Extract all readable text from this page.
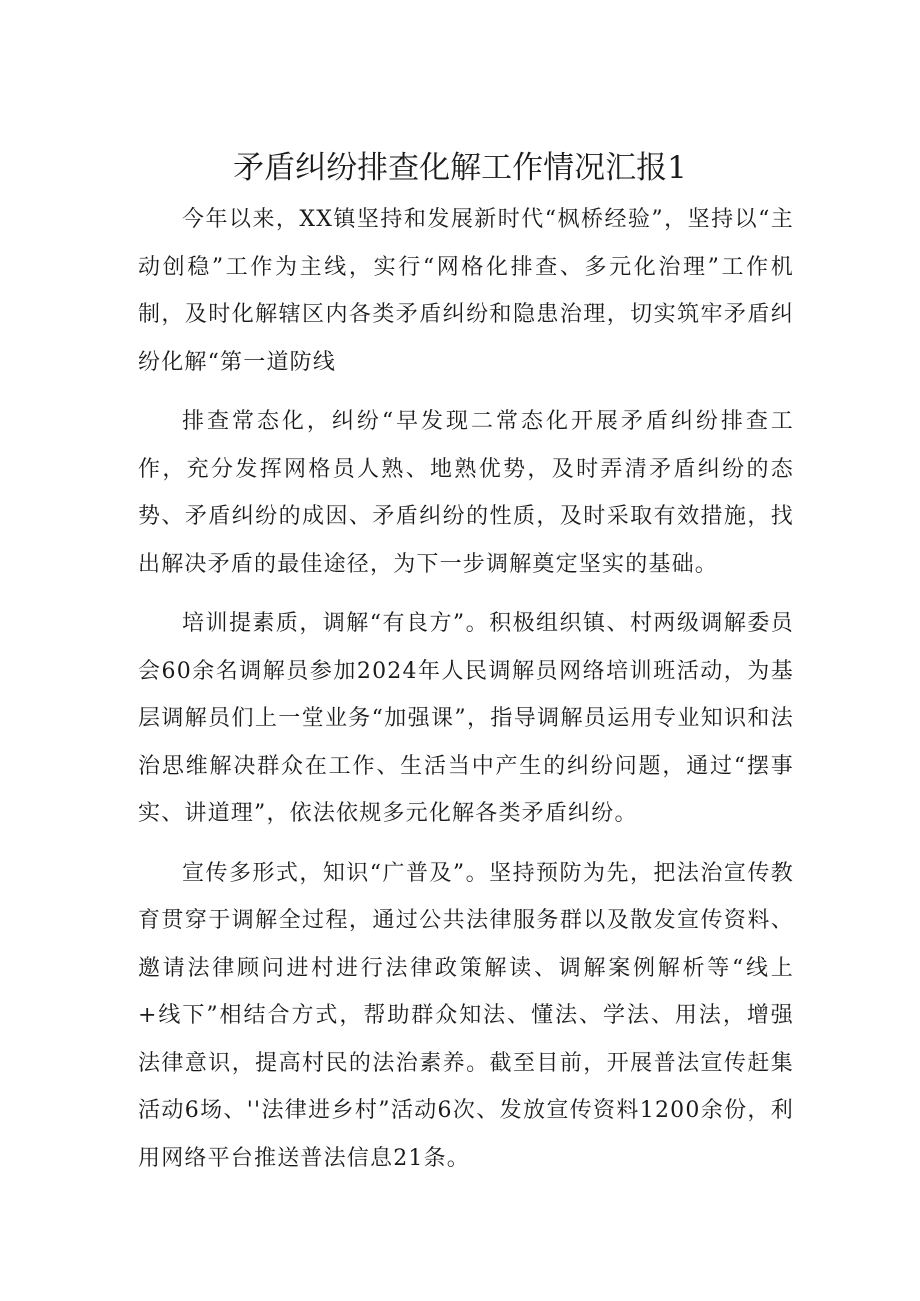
矛盾纠纷排查化解工作情况汇报1

今年以来，XX镇坚持和发展新时代“枫桥经验”，坚持以“主动创稳”工作为主线，实行“网格化排查、多元化治理”工作机制，及时化解辖区内各类矛盾纠纷和隐患治理，切实筑牢矛盾纠纷化解“第一道防线

排查常态化，纠纷“早发现二常态化开展矛盾纠纷排查工作，充分发挥网格员人熟、地熟优势，及时弄清矛盾纠纷的态势、矛盾纠纷的成因、矛盾纠纷的性质，及时采取有效措施，找出解决矛盾的最佳途径，为下一步调解奠定坚实的基础。

培训提素质，调解“有良方”。积极组织镇、村两级调解委员会60余名调解员参加2024年人民调解员网络培训班活动，为基层调解员们上一堂业务“加强课”，指导调解员运用专业知识和法治思维解决群众在工作、生活当中产生的纠纷问题，通过“摆事实、讲道理”，依法依规多元化解各类矛盾纠纷。

宣传多形式，知识“广普及”。坚持预防为先，把法治宣传教育贯穿于调解全过程，通过公共法律服务群以及散发宣传资料、邀请法律顾问进村进行法律政策解读、调解案例解析等“线上+线下”相结合方式，帮助群众知法、懂法、学法、用法，增强法律意识，提高村民的法治素养。截至目前，开展普法宣传赶集活动6场、''法律进乡村”活动6次、发放宣传资料1200余份，利用网络平台推送普法信息21条。
